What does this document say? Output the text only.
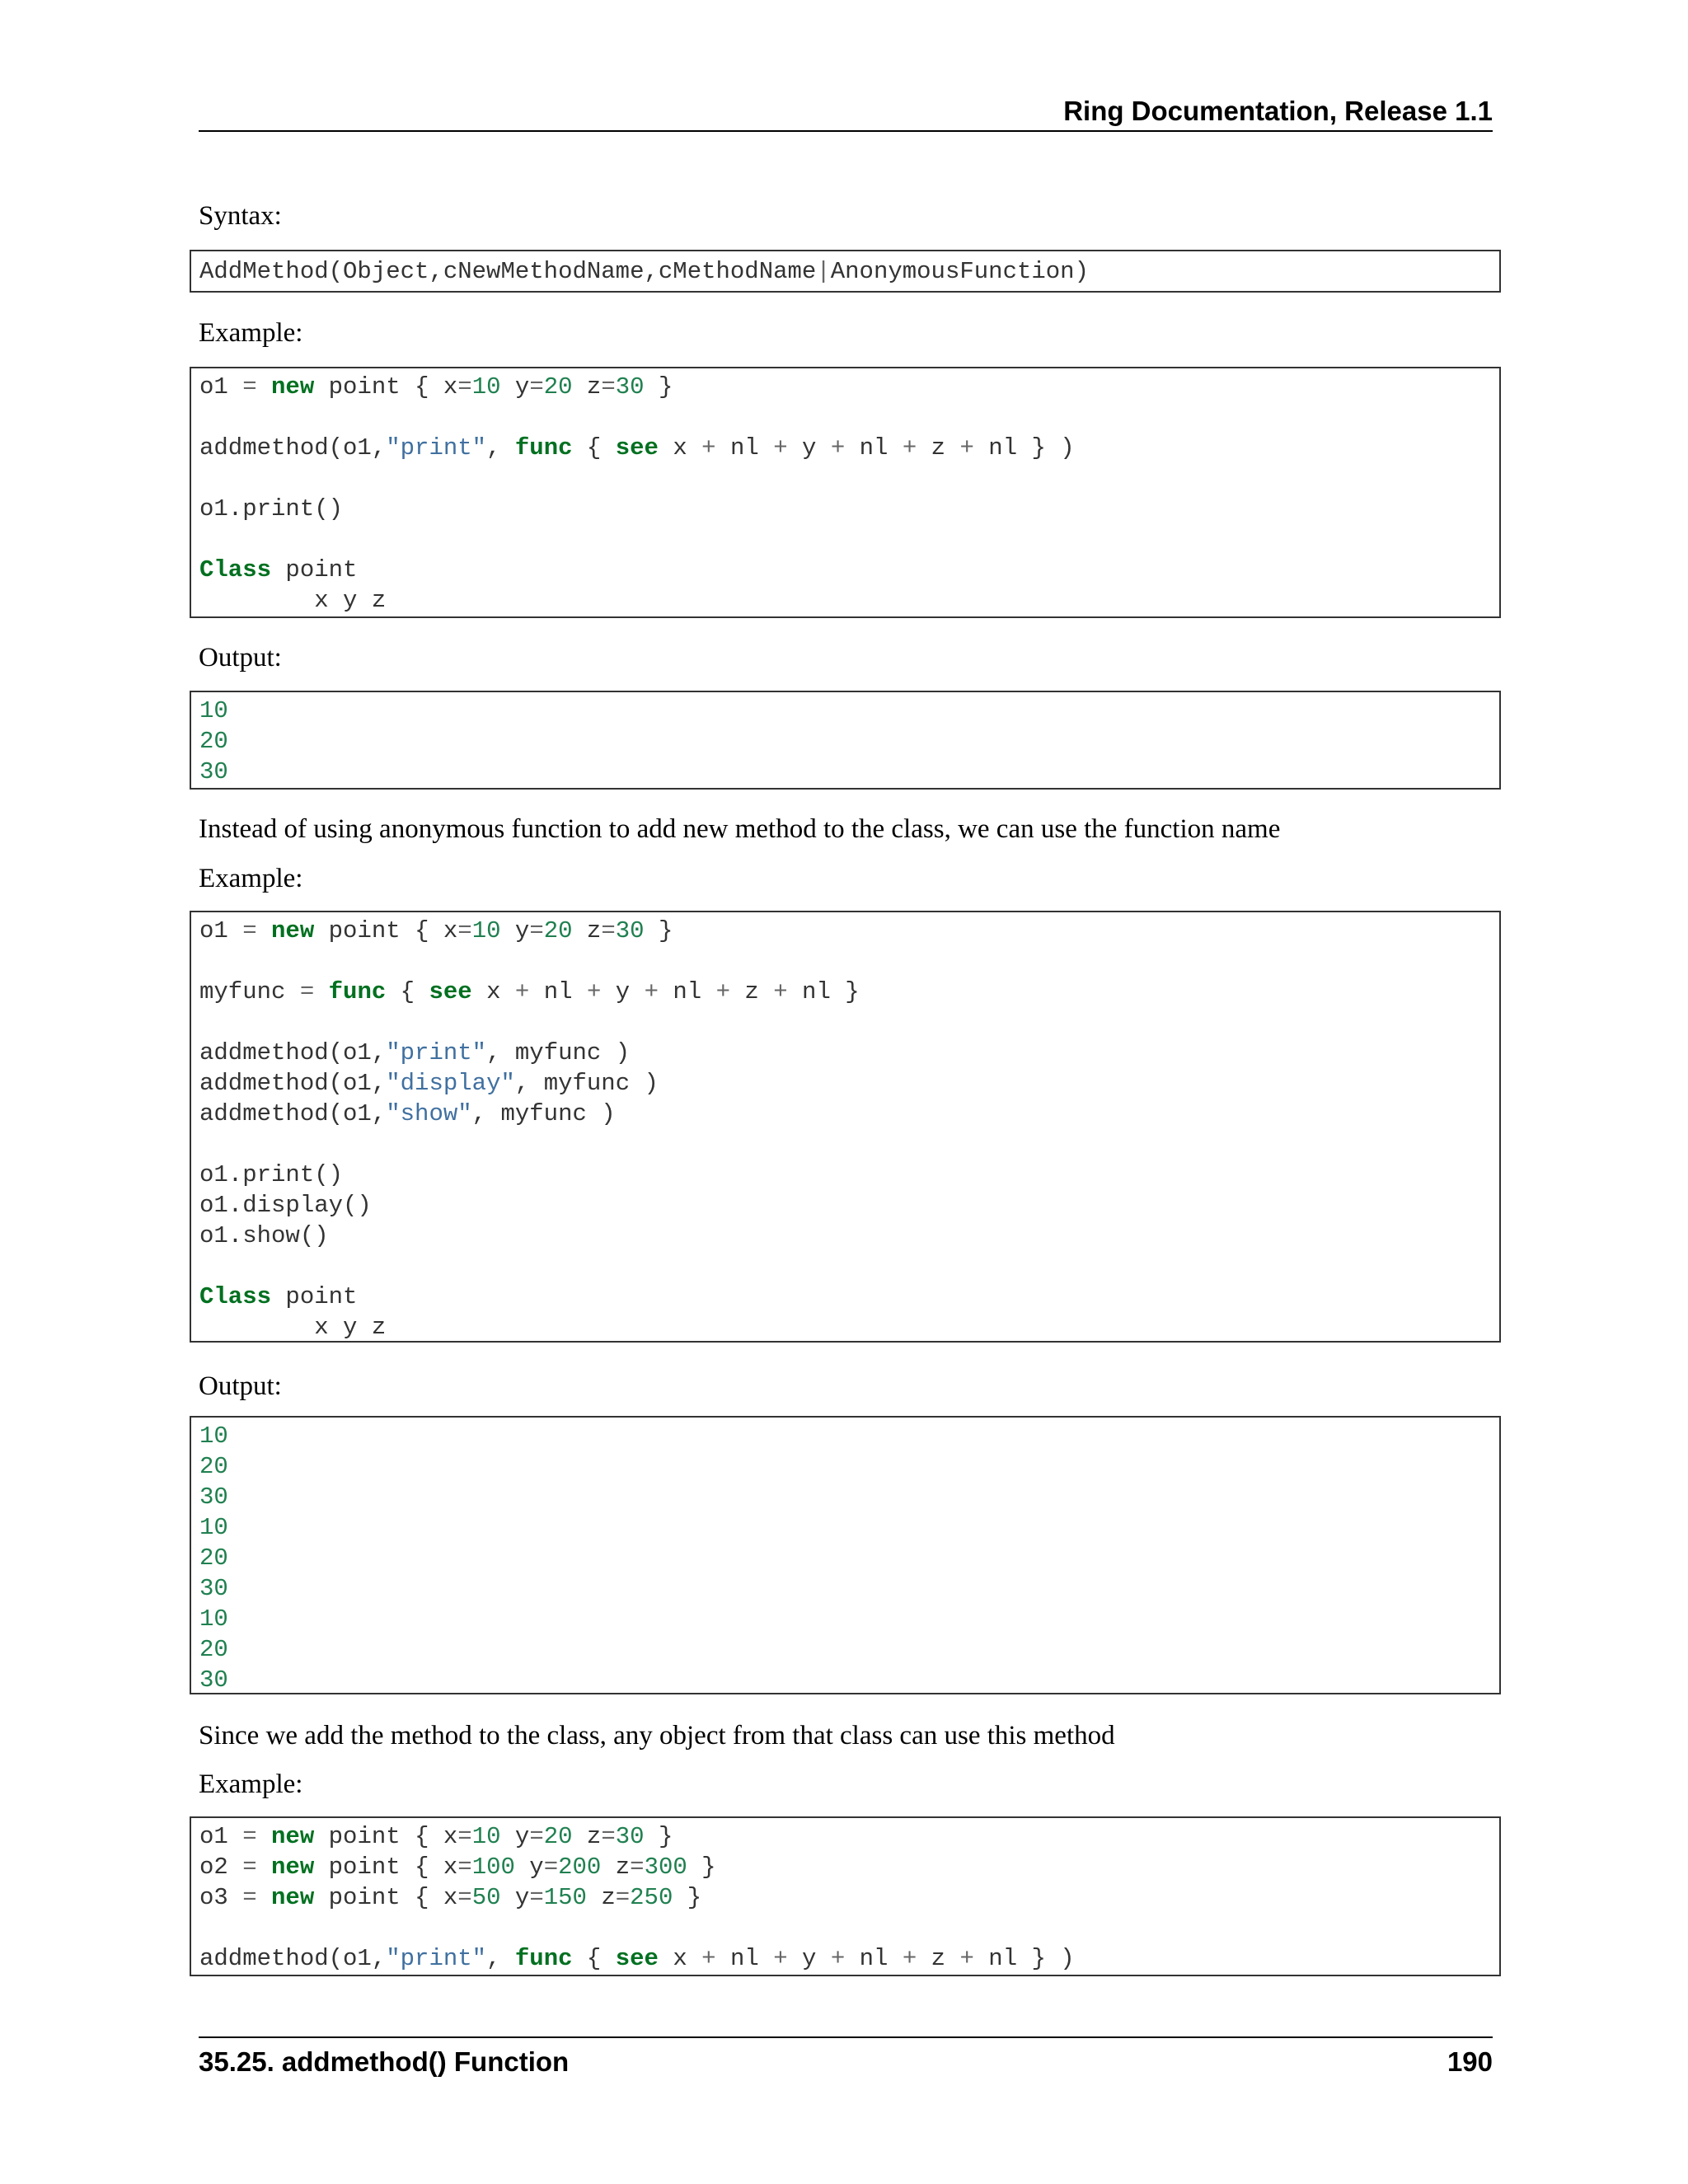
Ring Documentation, Release 1.1
Syntax:
AddMethod(Object,cNewMethodName,cMethodName|AnonymousFunction)
Example:
o1 = new point { x=10 y=20 z=30 }
addmethod(o1,"print", func { see x + nl + y + nl + z + nl } )
o1.print()
Class point
x y z
Output:
10
20
30
Instead of using anonymous function to add new method to the class, we can use the function name
Example:
o1 = new point { x=10 y=20 z=30 }
myfunc = func { see x + nl + y + nl + z + nl }
addmethod(o1,"print", myfunc )
addmethod(o1,"display", myfunc )
addmethod(o1,"show", myfunc )
o1.print()
o1.display()
o1.show()
Class point
x y z
Output:
10
20
30
10
20
30
10
20
30
Since we add the method to the class, any object from that class can use this method
Example:
o1 = new point { x=10 y=20 z=30 }
o2 = new point { x=100 y=200 z=300 }
o3 = new point { x=50 y=150 z=250 }
addmethod(o1,"print", func { see x + nl + y + nl + z + nl } )
35.25. addmethod() Function	190
